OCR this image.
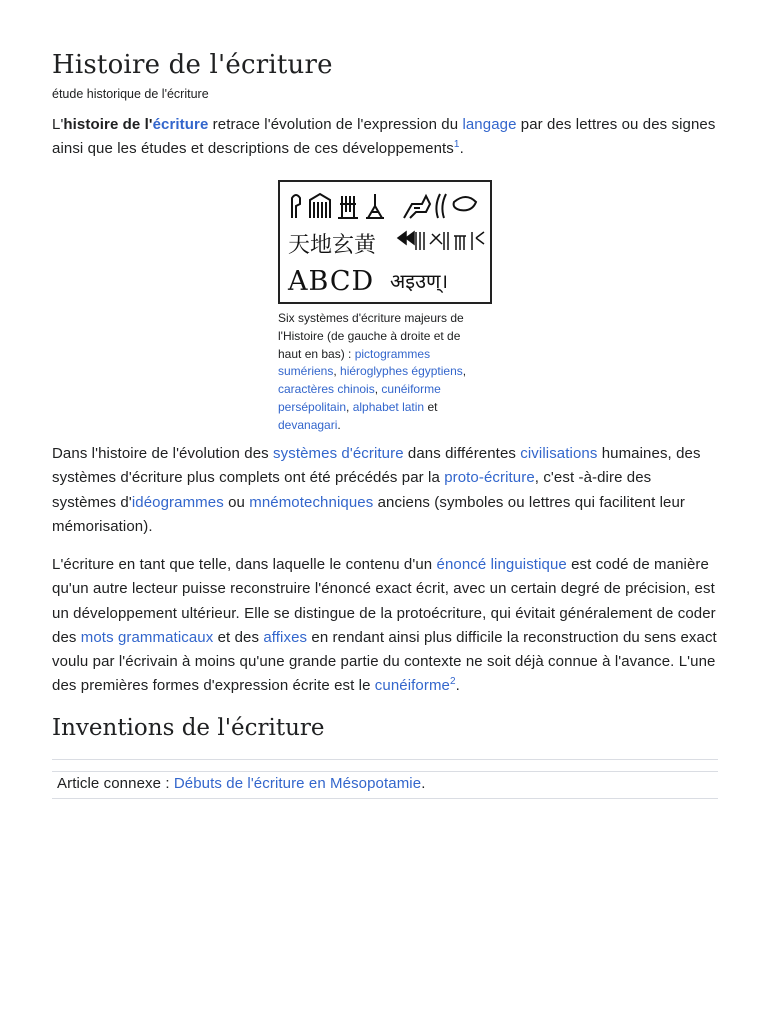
Histoire de l'écriture
étude historique de l'écriture

L'histoire de l'écriture retrace l'évolution de l'expression du langage par des lettres ou des signes ainsi que les études et descriptions de ces développements$^1$.

天地玄黄
ABCD अइउण्।
Six systèmes d'écriture majeurs de l'Histoire (de gauche à droite et de haut en bas) : pictogrammes sumériens, hiéroglyphes égyptiens, caractères chinois, cunéiforme persépolitain, alphabet latin et devanagari.

Dans l'histoire de l'évolution des systèmes d'écriture dans différentes civilisations humaines, des systèmes d'écriture plus complets ont été précédés par la proto-écriture, c'est -à-dire des systèmes d'idéogrammes ou mnémotechniques anciens (symboles ou lettres qui facilitent leur mémorisation).

L'écriture en tant que telle, dans laquelle le contenu d'un énoncé linguistique est codé de manière qu'un autre lecteur puisse reconstruire l'énoncé exact écrit, avec un certain degré de précision, est un développement ultérieur. Elle se distingue de la protoécriture, qui évitait généralement de coder des mots grammaticaux et des affixes en rendant ainsi plus difficile la reconstruction du sens exact voulu par l'écrivain à moins qu'une grande partie du contexte ne soit déjà connue à l'avance. L'une des premières formes d'expression écrite est le cunéiforme$^2$.

Inventions de l'écriture
Article connexe : Débuts de l'écriture en Mésopotamie.
